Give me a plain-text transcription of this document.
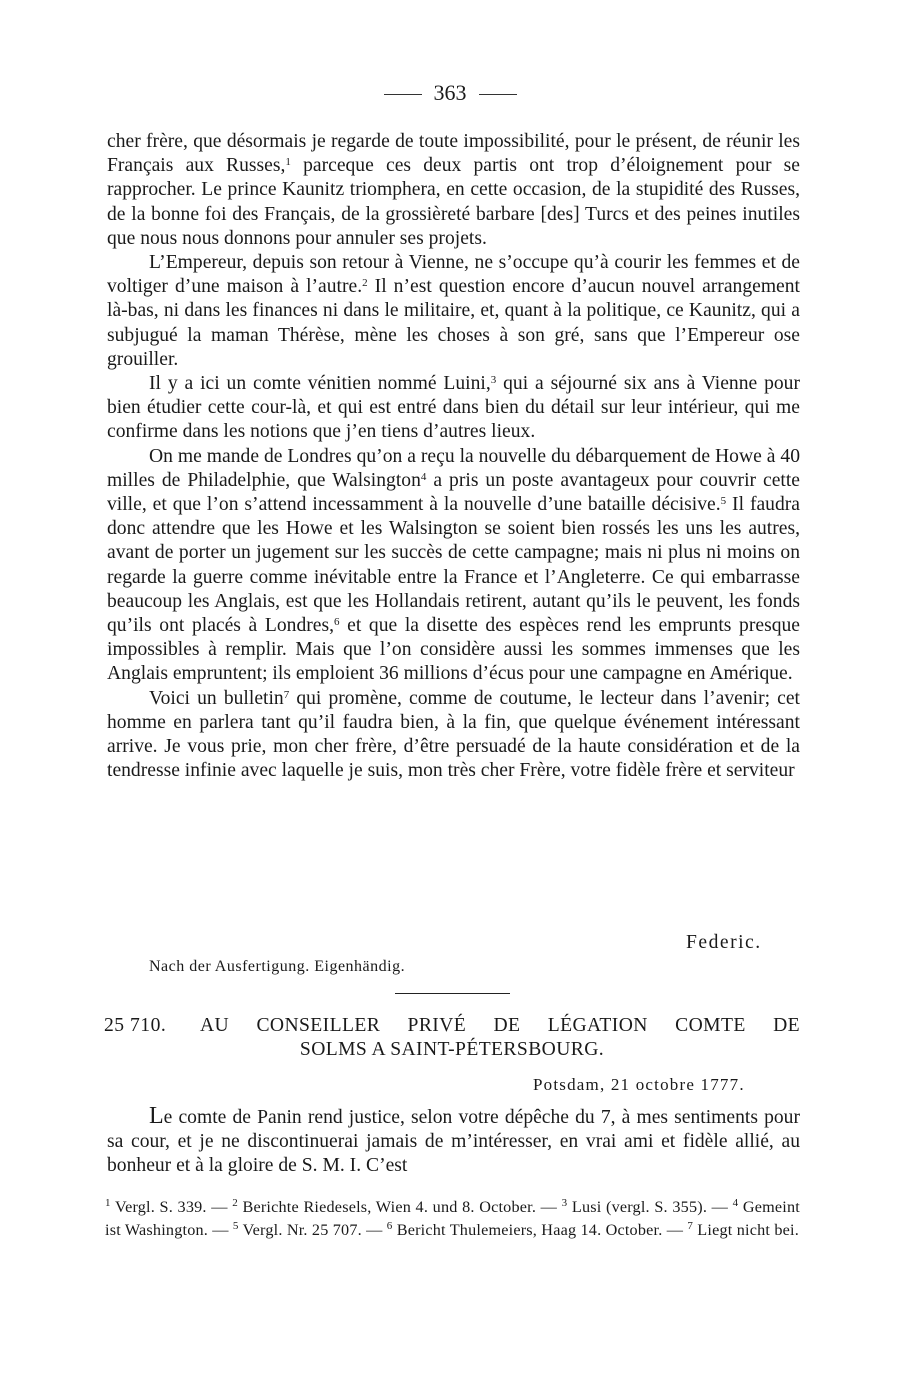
363

cher frère, que désormais je regarde de toute impossibilité, pour le présent, de réunir les Français aux Russes,$^1$ parceque ces deux partis ont trop d’éloignement pour se rapprocher. Le prince Kaunitz triomphera, en cette occasion, de la stupidité des Russes, de la bonne foi des Français, de la grossièreté barbare [des] Turcs et des peines inutiles que nous nous donnons pour annuler ses projets.

L’Empereur, depuis son retour à Vienne, ne s’occupe qu’à courir les femmes et de voltiger d’une maison à l’autre.$^2$ Il n’est question encore d’aucun nouvel arrangement là-bas, ni dans les finances ni dans le militaire, et, quant à la politique, ce Kaunitz, qui a subjugué la maman Thérèse, mène les choses à son gré, sans que l’Empereur ose grouiller.

Il y a ici un comte vénitien nommé Luini,$^3$ qui a séjourné six ans à Vienne pour bien étudier cette cour-là, et qui est entré dans bien du détail sur leur intérieur, qui me confirme dans les notions que j’en tiens d’autres lieux.

On me mande de Londres qu’on a reçu la nouvelle du débarquement de Howe à 40 milles de Philadelphie, que Walsington$^4$ a pris un poste avantageux pour couvrir cette ville, et que l’on s’attend incessamment à la nouvelle d’une bataille décisive.$^5$ Il faudra donc attendre que les Howe et les Walsington se soient bien rossés les uns les autres, avant de porter un jugement sur les succès de cette campagne; mais ni plus ni moins on regarde la guerre comme inévitable entre la France et l’Angleterre. Ce qui embarrasse beaucoup les Anglais, est que les Hollandais retirent, autant qu’ils le peuvent, les fonds qu’ils ont placés à Londres,$^6$ et que la disette des espèces rend les emprunts presque impossibles à remplir. Mais que l’on considère aussi les sommes immenses que les Anglais empruntent; ils emploient 36 millions d’écus pour une campagne en Amérique.

Voici un bulletin$^7$ qui promène, comme de coutume, le lecteur dans l’avenir; cet homme en parlera tant qu’il faudra bien, à la fin, que quelque événement intéressant arrive. Je vous prie, mon cher frère, d’être persuadé de la haute considération et de la tendresse infinie avec laquelle je suis, mon très cher Frère, votre fidèle frère et serviteur

Federic.
Nach der Ausfertigung. Eigenhändig.
25 710. AU CONSEILLER PRIVÉ DE LÉGATION COMTE DE
SOLMS A SAINT-PÉTERSBOURG.
Potsdam, 21 octobre 1777.

Le comte de Panin rend justice, selon votre dépêche du 7, à mes sentiments pour sa cour, et je ne discontinuerai jamais de m’intéresser, en vrai ami et fidèle allié, au bonheur et à la gloire de S. M. I. C’est

$^1$ Vergl. S. 339. — $^2$ Berichte Riedesels, Wien 4. und 8. October. — $^3$ Lusi (vergl. S. 355). — $^4$ Gemeint ist Washington. — $^5$ Vergl. Nr. 25 707. — $^6$ Bericht Thulemeiers, Haag 14. October. — $^7$ Liegt nicht bei.
